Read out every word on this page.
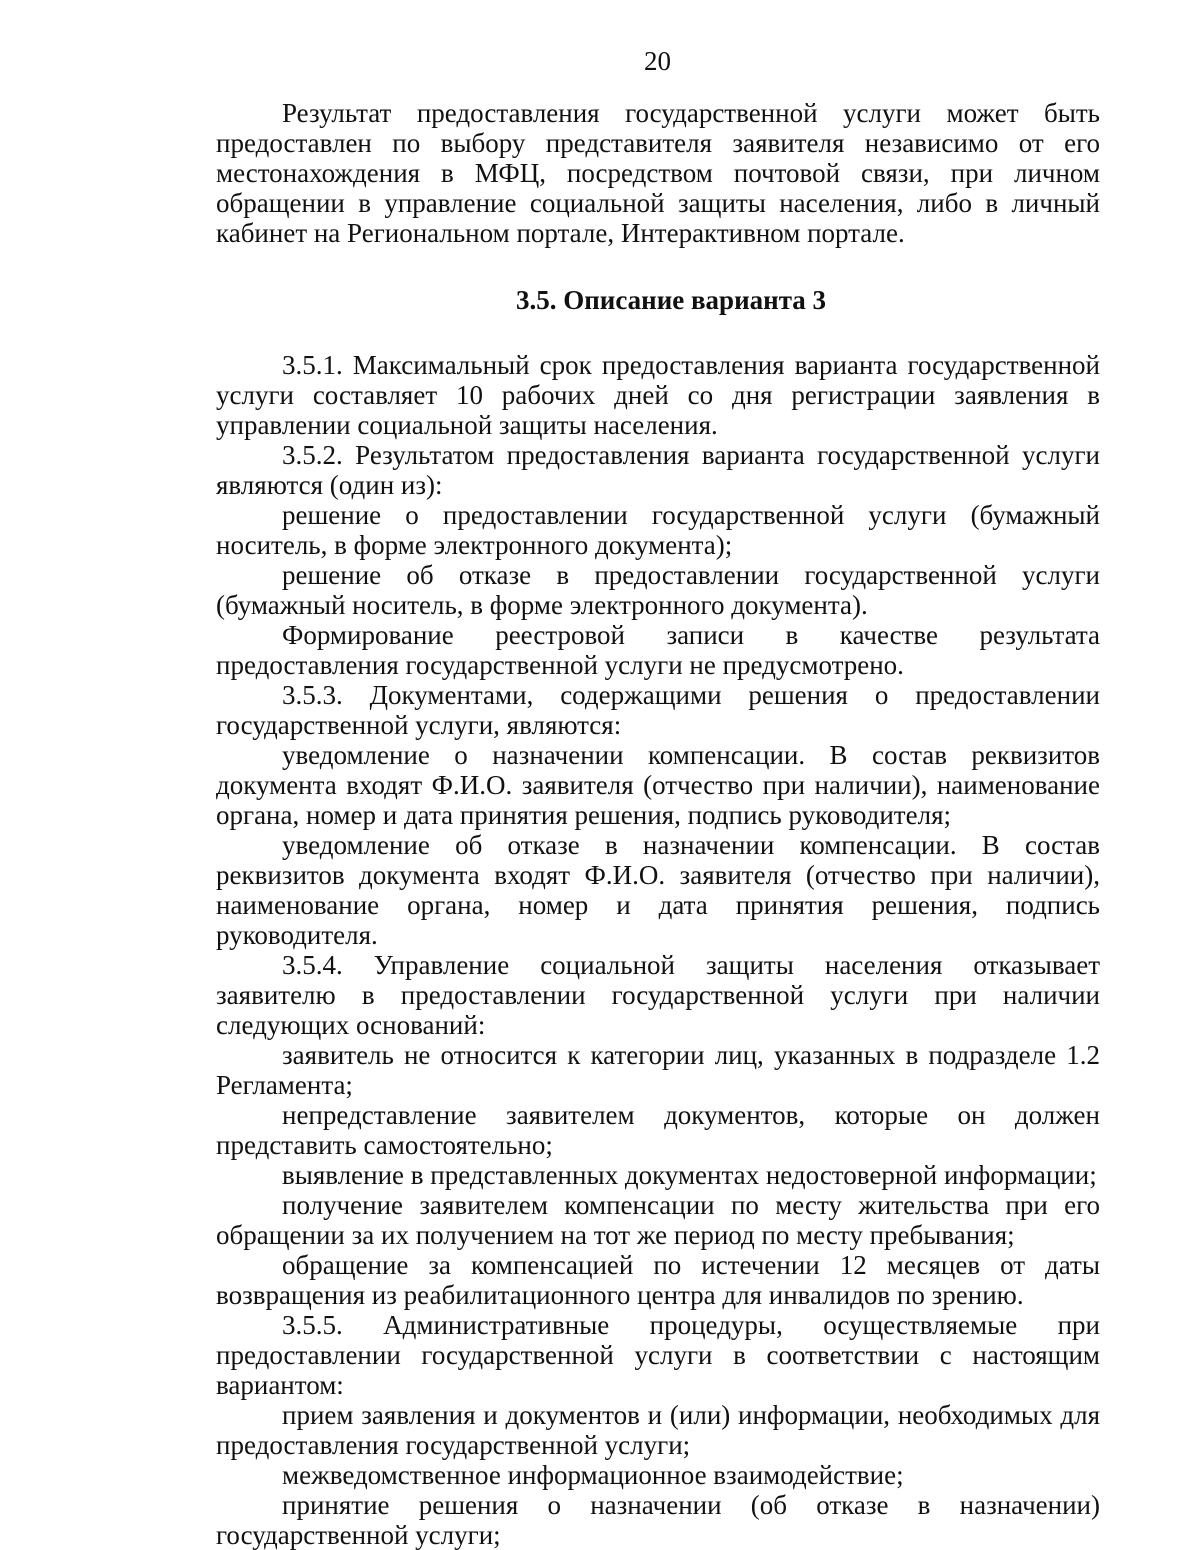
20

Результат предоставления государственной услуги может быть предоставлен по выбору представителя заявителя независимо от его местонахождения в МФЦ, посредством почтовой связи, при личном обращении в управление социальной защиты населения, либо в личный кабинет на Региональном портале, Интерактивном портале.

3.5. Описание варианта 3

3.5.1. Максимальный срок предоставления варианта государственной услуги составляет 10 рабочих дней со дня регистрации заявления в управлении социальной защиты населения.

3.5.2. Результатом предоставления варианта государственной услуги являются (один из):

решение о предоставлении государственной услуги (бумажный носитель, в форме электронного документа);

решение об отказе в предоставлении государственной услуги (бумажный носитель, в форме электронного документа).

Формирование реестровой записи в качестве результата предоставления государственной услуги не предусмотрено.

3.5.3. Документами, содержащими решения о предоставлении государственной услуги, являются:

уведомление о назначении компенсации. В состав реквизитов документа входят Ф.И.О. заявителя (отчество при наличии), наименование органа, номер и дата принятия решения, подпись руководителя;

уведомление об отказе в назначении компенсации. В состав реквизитов документа входят Ф.И.О. заявителя (отчество при наличии), наименование органа, номер и дата принятия решения, подпись руководителя.

3.5.4. Управление социальной защиты населения отказывает заявителю в предоставлении государственной услуги при наличии следующих оснований:

заявитель не относится к категории лиц, указанных в подразделе 1.2 Регламента;

непредставление заявителем документов, которые он должен представить самостоятельно;

выявление в представленных документах недостоверной информации;

получение заявителем компенсации по месту жительства при его обращении за их получением на тот же период по месту пребывания;

обращение за компенсацией по истечении 12 месяцев от даты возвращения из реабилитационного центра для инвалидов по зрению.

3.5.5. Административные процедуры, осуществляемые при предоставлении государственной услуги в соответствии с настоящим вариантом:

прием заявления и документов и (или) информации, необходимых для предоставления государственной услуги;

межведомственное информационное взаимодействие;

принятие решения о назначении (об отказе в назначении) государственной услуги;
